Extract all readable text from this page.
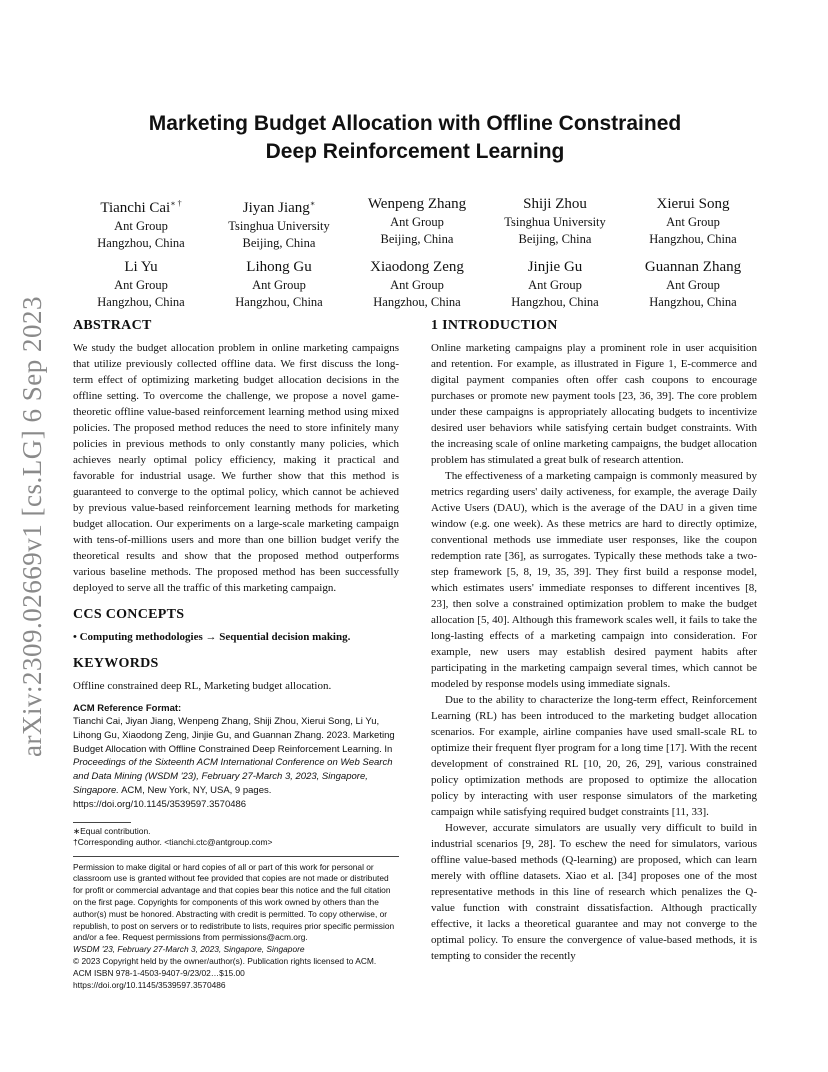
arXiv:2309.02669v1 [cs.LG] 6 Sep 2023
Marketing Budget Allocation with Offline Constrained
Deep Reinforcement Learning
Tianchi Cai∗ †
Ant Group
Hangzhou, China
Jiyan Jiang∗
Tsinghua University
Beijing, China
Wenpeng Zhang
Ant Group
Beijing, China
Shiji Zhou
Tsinghua University
Beijing, China
Xierui Song
Ant Group
Hangzhou, China
Li Yu
Ant Group
Hangzhou, China
Lihong Gu
Ant Group
Hangzhou, China
Xiaodong Zeng
Ant Group
Hangzhou, China
Jinjie Gu
Ant Group
Hangzhou, China
Guannan Zhang
Ant Group
Hangzhou, China
ABSTRACT

We study the budget allocation problem in online marketing campaigns that utilize previously collected offline data. We first discuss the long-term effect of optimizing marketing budget allocation decisions in the offline setting. To overcome the challenge, we propose a novel game-theoretic offline value-based reinforcement learning method using mixed policies. The proposed method reduces the need to store infinitely many policies in previous methods to only constantly many policies, which achieves nearly optimal policy efficiency, making it practical and favorable for industrial usage. We further show that this method is guaranteed to converge to the optimal policy, which cannot be achieved by previous value-based reinforcement learning methods for marketing budget allocation. Our experiments on a large-scale marketing campaign with tens-of-millions users and more than one billion budget verify the theoretical results and show that the proposed method outperforms various baseline methods. The proposed method has been successfully deployed to serve all the traffic of this marketing campaign.

CCS CONCEPTS

• Computing methodologies → Sequential decision making.

KEYWORDS

Offline constrained deep RL, Marketing budget allocation.

ACM Reference Format:

Tianchi Cai, Jiyan Jiang, Wenpeng Zhang, Shiji Zhou, Xierui Song, Li Yu, Lihong Gu, Xiaodong Zeng, Jinjie Gu, and Guannan Zhang. 2023. Marketing Budget Allocation with Offline Constrained Deep Reinforcement Learning. In Proceedings of the Sixteenth ACM International Conference on Web Search and Data Mining (WSDM '23), February 27-March 3, 2023, Singapore, Singapore. ACM, New York, NY, USA, 9 pages. https://doi.org/10.1145/3539597.3570486

∗Equal contribution.

†Corresponding author. <tianchi.ctc@antgroup.com>

Permission to make digital or hard copies of all or part of this work for personal or classroom use is granted without fee provided that copies are not made or distributed for profit or commercial advantage and that copies bear this notice and the full citation on the first page. Copyrights for components of this work owned by others than the author(s) must be honored. Abstracting with credit is permitted. To copy otherwise, or republish, to post on servers or to redistribute to lists, requires prior specific permission and/or a fee. Request permissions from permissions@acm.org.

WSDM '23, February 27-March 3, 2023, Singapore, Singapore

© 2023 Copyright held by the owner/author(s). Publication rights licensed to ACM.

ACM ISBN 978-1-4503-9407-9/23/02…$15.00

https://doi.org/10.1145/3539597.3570486

1 INTRODUCTION

Online marketing campaigns play a prominent role in user acquisition and retention. For example, as illustrated in Figure 1, E-commerce and digital payment companies often offer cash coupons to encourage purchases or promote new payment tools [23, 36, 39]. The core problem under these campaigns is appropriately allocating budgets to incentivize desired user behaviors while satisfying certain budget constraints. With the increasing scale of online marketing campaigns, the budget allocation problem has stimulated a great bulk of research attention.

The effectiveness of a marketing campaign is commonly measured by metrics regarding users' daily activeness, for example, the average Daily Active Users (DAU), which is the average of the DAU in a given time window (e.g. one week). As these metrics are hard to directly optimize, conventional methods use immediate user responses, like the coupon redemption rate [36], as surrogates. Typically these methods take a two-step framework [5, 8, 19, 35, 39]. They first build a response model, which estimates users' immediate responses to different incentives [8, 23], then solve a constrained optimization problem to make the budget allocation [5, 40]. Although this framework scales well, it fails to take the long-lasting effects of a marketing campaign into consideration. For example, new users may establish desired payment habits after participating in the marketing campaign several times, which cannot be modeled by response models using immediate signals.

Due to the ability to characterize the long-term effect, Reinforcement Learning (RL) has been introduced to the marketing budget allocation scenarios. For example, airline companies have used small-scale RL to optimize their frequent flyer program for a long time [17]. With the recent development of constrained RL [10, 20, 26, 29], various constrained policy optimization methods are proposed to optimize the allocation policy by interacting with user response simulators of the marketing campaign while satisfying required budget constraints [11, 33].

However, accurate simulators are usually very difficult to build in industrial scenarios [9, 28]. To eschew the need for simulators, various offline value-based methods (Q-learning) are proposed, which can learn merely with offline datasets. Xiao et al. [34] proposes one of the most representative methods in this line of research which penalizes the Q-value function with constraint dissatisfaction. Although practically effective, it lacks a theoretical guarantee and may not converge to the optimal policy. To ensure the convergence of value-based methods, it is tempting to consider the recently
